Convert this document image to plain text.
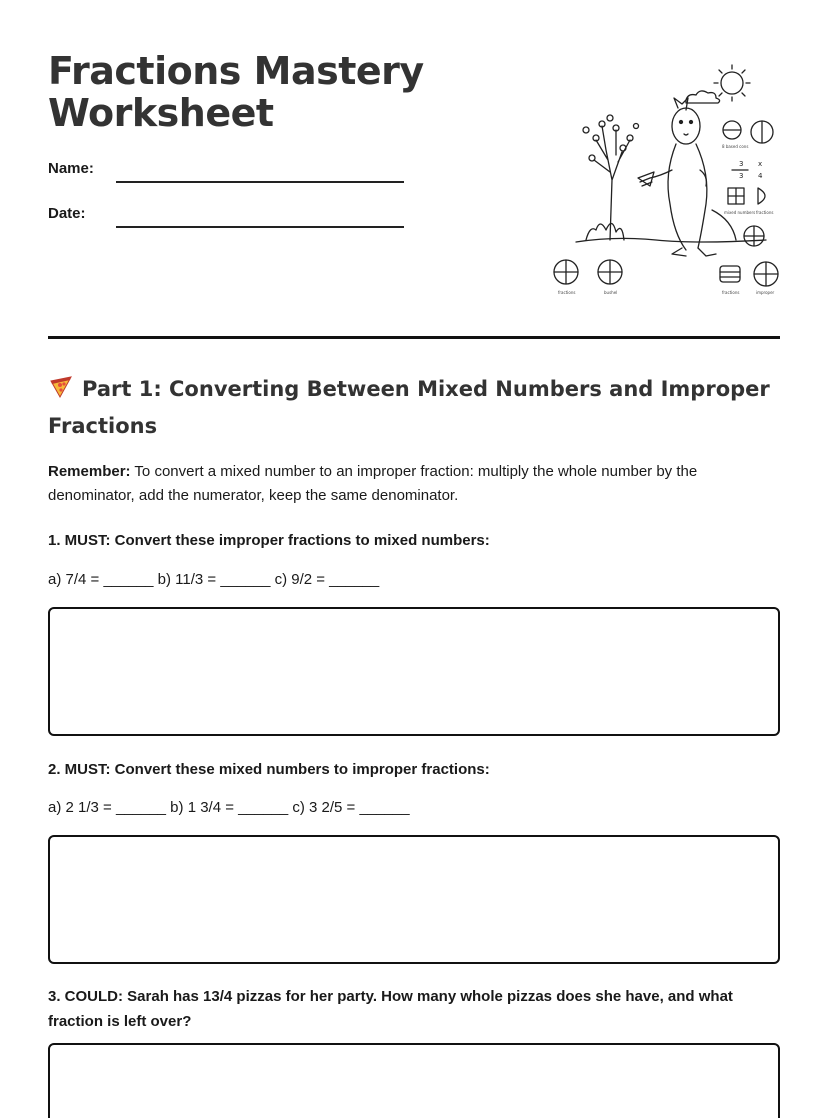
Fractions Mastery Worksheet
Name:
Date:
3
3
x
4
8 based cons
mixed numbers fractions
fractions	bushel	fractions	improper
Part 1: Converting Between Mixed Numbers and Improper Fractions

Remember: To convert a mixed number to an improper fraction: multiply the whole number by the denominator, add the numerator, keep the same denominator.

1. MUST: Convert these improper fractions to mixed numbers:

a) 7/4 = ______ b) 11/3 = ______ c) 9/2 = ______

2. MUST: Convert these mixed numbers to improper fractions:

a) 2 1/3 = ______ b) 1 3/4 = ______ c) 3 2/5 = ______

3. COULD: Sarah has 13/4 pizzas for her party. How many whole pizzas does she have, and what fraction is left over?
